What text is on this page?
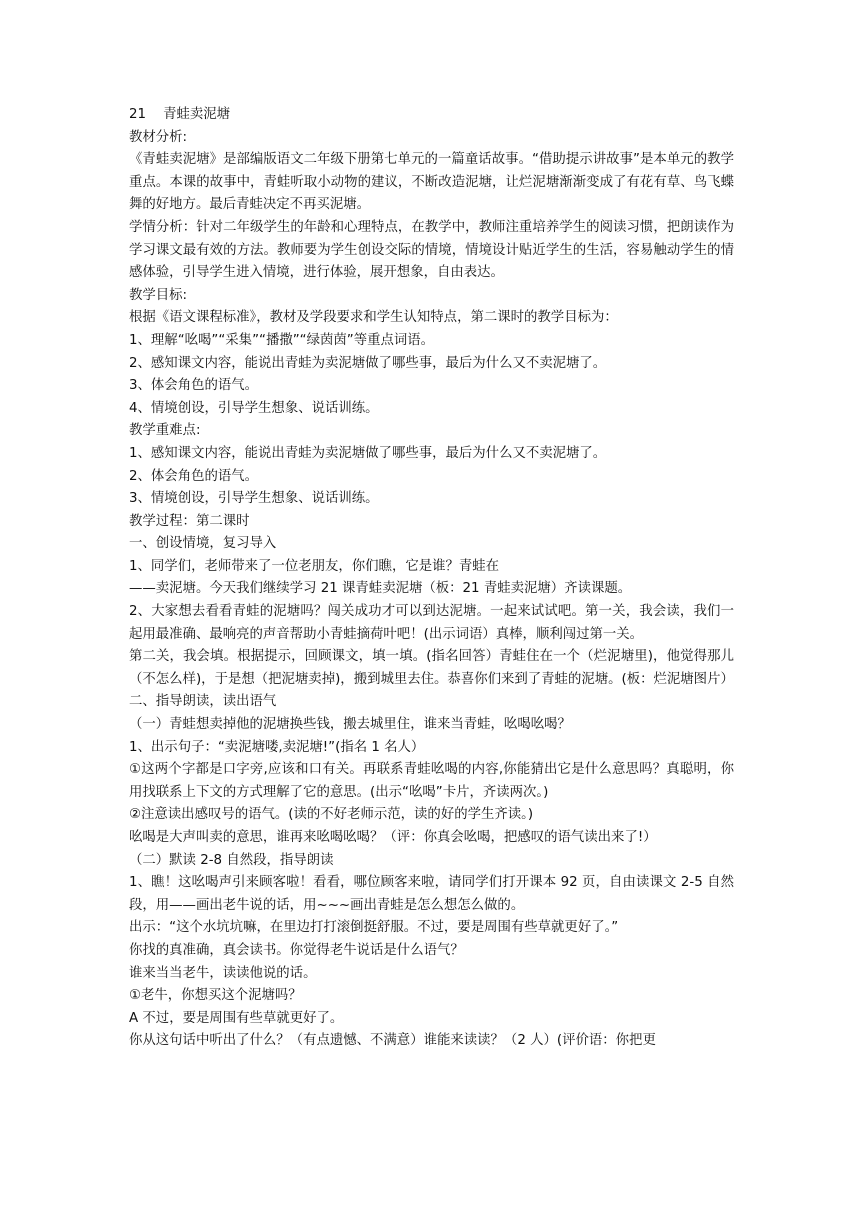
21    青蛙卖泥塘

教材分析:

《青蛙卖泥塘》是部编版语文二年级下册第七单元的一篇童话故事。“借助提示讲故事”是本单元的教学重点。本课的故事中，青蛙听取小动物的建议，不断改造泥塘，让烂泥塘渐渐变成了有花有草、鸟飞蝶舞的好地方。最后青蛙决定不再买泥塘。

学情分析：针对二年级学生的年龄和心理特点，在教学中，教师注重培养学生的阅读习惯，把朗读作为学习课文最有效的方法。教师要为学生创设交际的情境，情境设计贴近学生的生活，容易触动学生的情感体验，引导学生进入情境，进行体验，展开想象，自由表达。

教学目标:

根据《语文课程标准》，教材及学段要求和学生认知特点，第二课时的教学目标为：

1、理解“吆喝”“采集”“播撒”“绿茵茵”等重点词语。

2、感知课文内容，能说出青蛙为卖泥塘做了哪些事，最后为什么又不卖泥塘了。

3、体会角色的语气。

4、情境创设，引导学生想象、说话训练。

教学重难点:

1、感知课文内容，能说出青蛙为卖泥塘做了哪些事，最后为什么又不卖泥塘了。

2、体会角色的语气。

3、情境创设，引导学生想象、说话训练。

教学过程：第二课时

一、创设情境，复习导入

1、同学们，老师带来了一位老朋友，你们瞧，它是谁？青蛙在

——卖泥塘。今天我们继续学习 21 课青蛙卖泥塘（板：21 青蛙卖泥塘）齐读课题。

2、大家想去看看青蛙的泥塘吗？闯关成功才可以到达泥塘。一起来试试吧。第一关，我会读，我们一起用最准确、最响亮的声音帮助小青蛙摘荷叶吧！(出示词语）真棒，顺利闯过第一关。

第二关，我会填。根据提示，回顾课文，填一填。(指名回答）青蛙住在一个（烂泥塘里)，他觉得那儿（不怎么样)，于是想（把泥塘卖掉)，搬到城里去住。恭喜你们来到了青蛙的泥塘。(板：烂泥塘图片）

二、指导朗读，读出语气

（一）青蛙想卖掉他的泥塘换些钱，搬去城里住，谁来当青蛙，吆喝吆喝？

1、出示句子：“卖泥塘喽,卖泥塘!”(指名 1 名人）

①这两个字都是口字旁,应该和口有关。再联系青蛙吆喝的内容,你能猜出它是什么意思吗？真聪明，你用找联系上下文的方式理解了它的意思。(出示“吆喝”卡片，齐读两次。)

②注意读出感叹号的语气。(读的不好老师示范，读的好的学生齐读。)

吆喝是大声叫卖的意思，谁再来吆喝吆喝？（评：你真会吆喝，把感叹的语气读出来了!）

（二）默读 2-8 自然段，指导朗读

1、瞧！这吆喝声引来顾客啦！看看，哪位顾客来啦，请同学们打开课本 92 页，自由读课文 2-5 自然段，用——画出老牛说的话，用~~~画出青蛙是怎么想怎么做的。

出示：“这个水坑坑嘛，在里边打打滚倒挺舒服。不过，要是周围有些草就更好了。”

你找的真准确，真会读书。你觉得老牛说话是什么语气？

谁来当当老牛，读读他说的话。

①老牛，你想买这个泥塘吗？

A 不过，要是周围有些草就更好了。

你从这句话中听出了什么？（有点遗憾、不满意）谁能来读读？（2 人）(评价语：你把更
